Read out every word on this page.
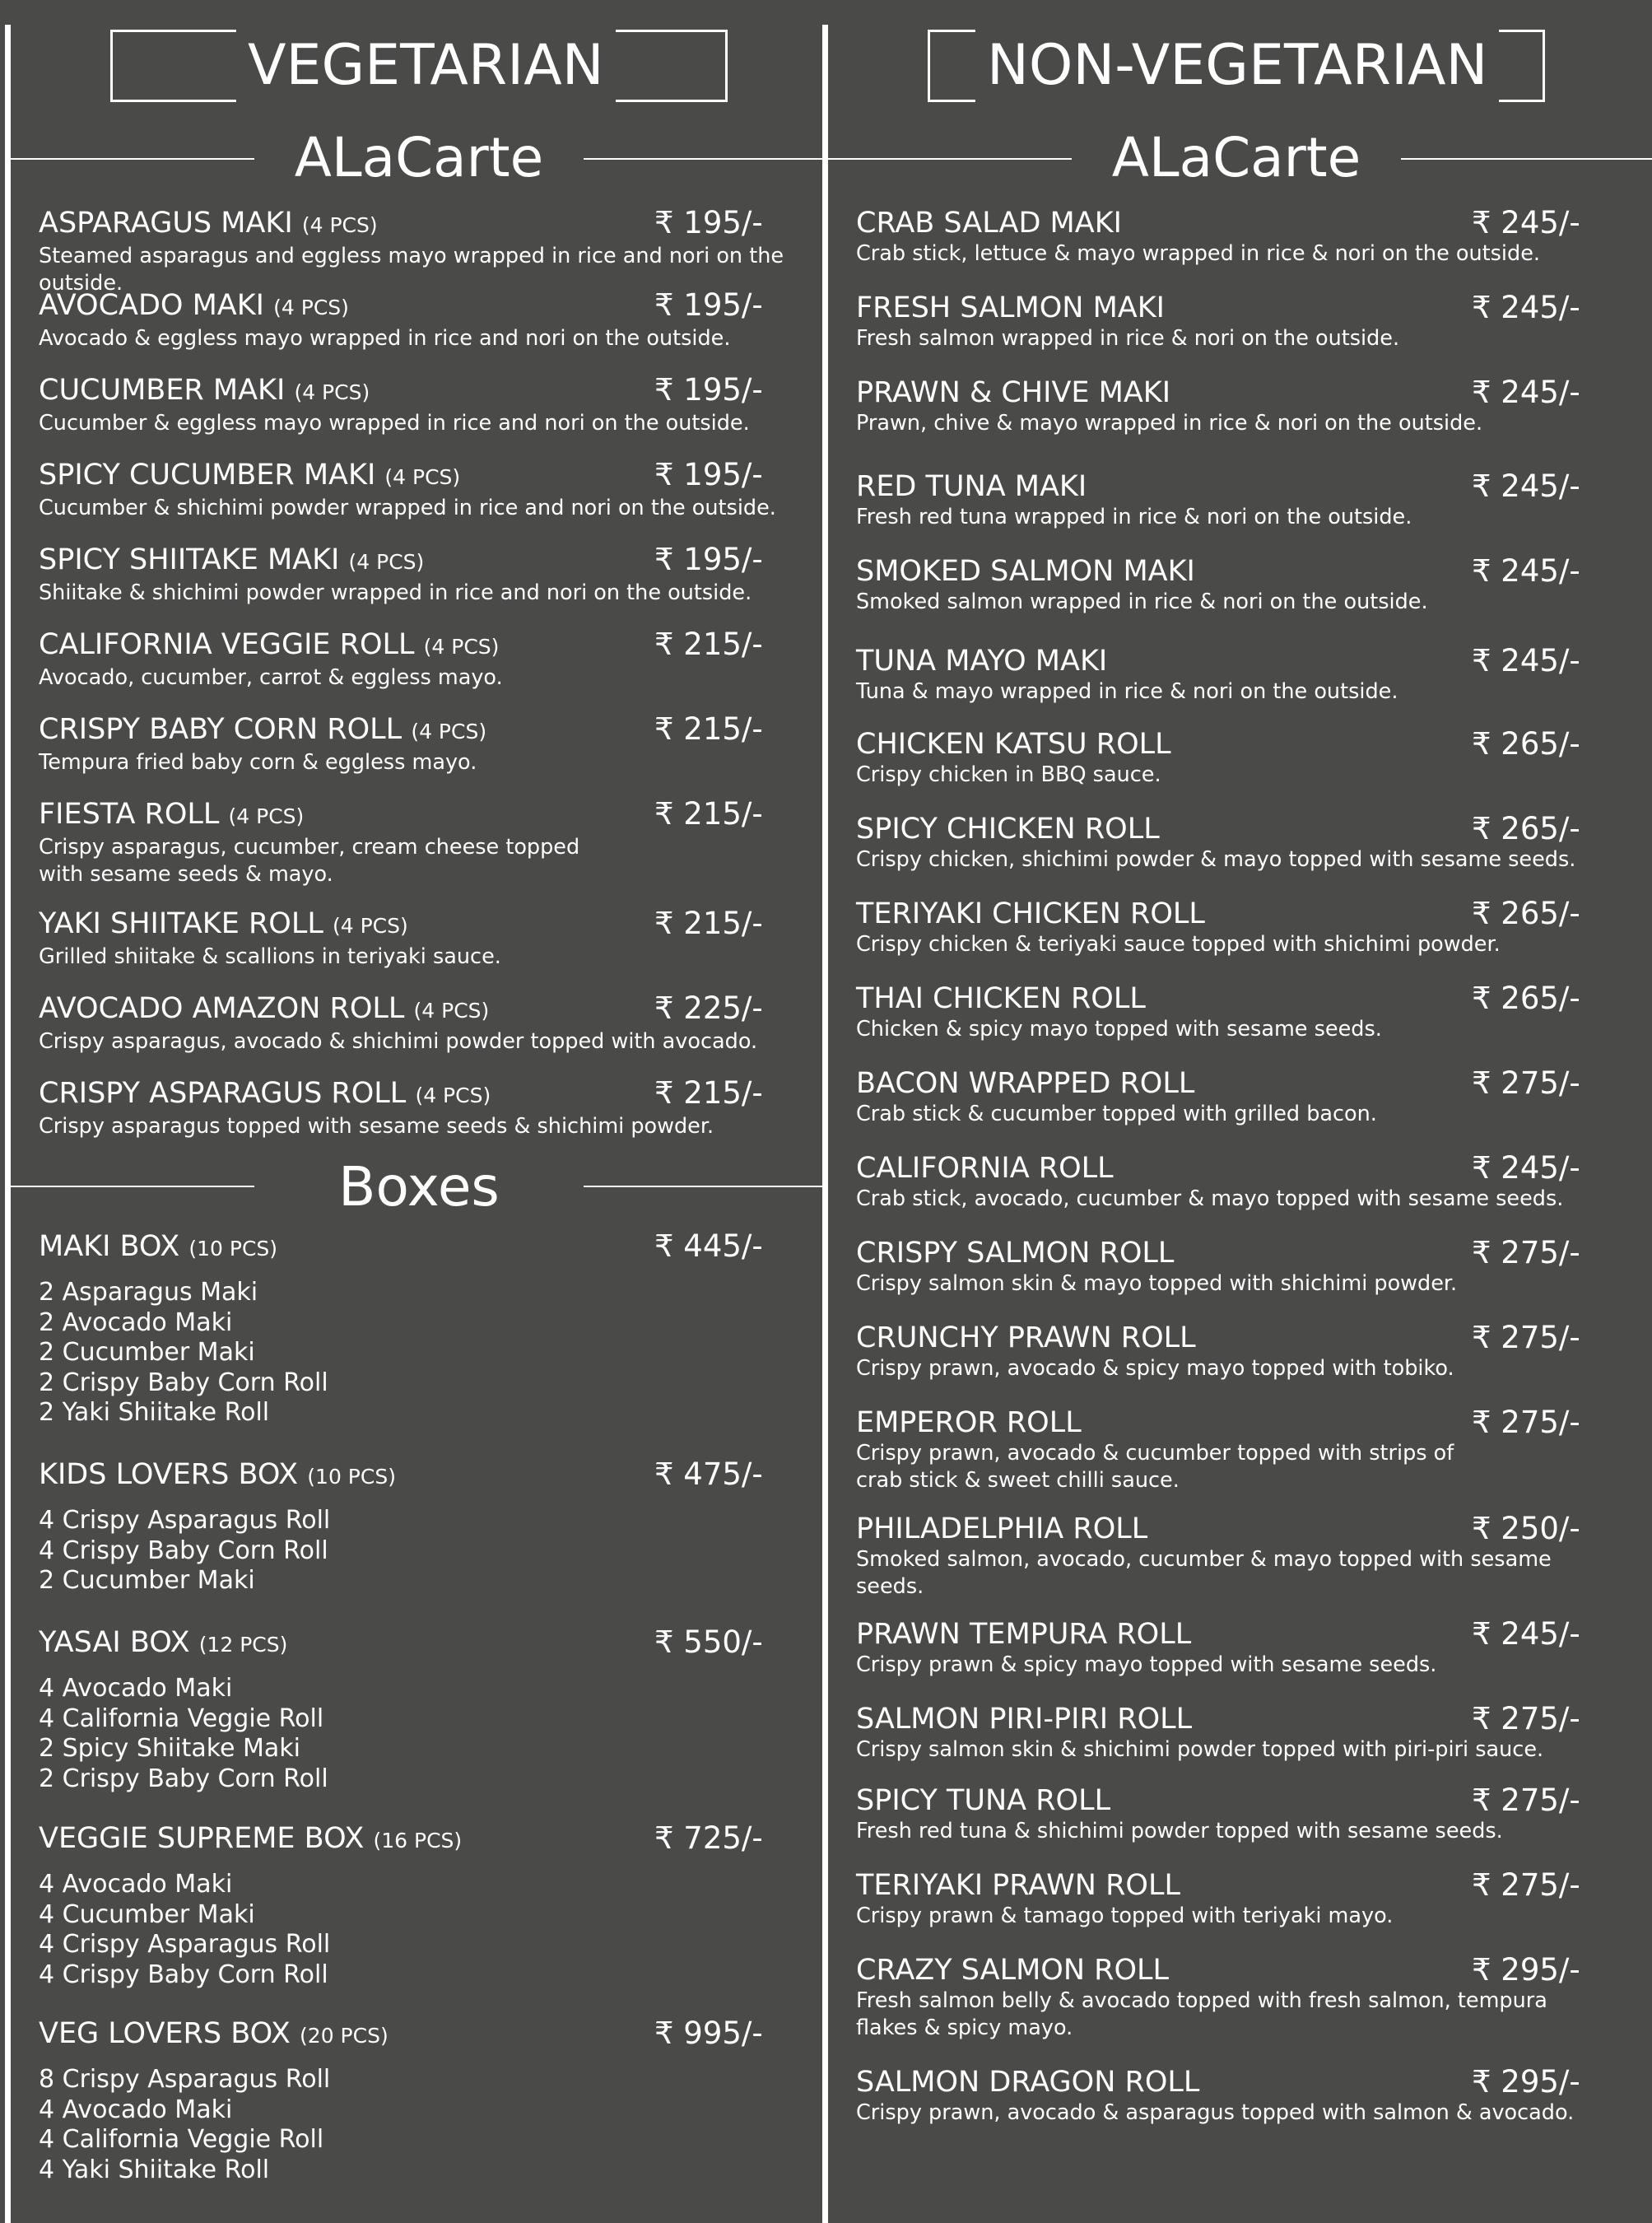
VEGETARIAN	NON-VEGETARIAN
ALaCarte	ALaCarte
Boxes
ASPARAGUS MAKI (4 PCS)	₹ 195/-
Steamed asparagus and eggless mayo wrapped in rice and nori on the outside.
AVOCADO MAKI (4 PCS)	₹ 195/-
Avocado & eggless mayo wrapped in rice and nori on the outside.
CUCUMBER MAKI (4 PCS)	₹ 195/-
Cucumber & eggless mayo wrapped in rice and nori on the outside.
SPICY CUCUMBER MAKI (4 PCS)	₹ 195/-
Cucumber & shichimi powder wrapped in rice and nori on the outside.
SPICY SHIITAKE MAKI (4 PCS)	₹ 195/-
Shiitake & shichimi powder wrapped in rice and nori on the outside.
CALIFORNIA VEGGIE ROLL (4 PCS)	₹ 215/-
Avocado, cucumber, carrot & eggless mayo.
CRISPY BABY CORN ROLL (4 PCS)	₹ 215/-
Tempura fried baby corn & eggless mayo.
FIESTA ROLL (4 PCS)	₹ 215/-
Crispy asparagus, cucumber, cream cheese topped with sesame seeds & mayo.
YAKI SHIITAKE ROLL (4 PCS)	₹ 215/-
Grilled shiitake & scallions in teriyaki sauce.
AVOCADO AMAZON ROLL (4 PCS)	₹ 225/-
Crispy asparagus, avocado & shichimi powder topped with avocado.
CRISPY ASPARAGUS ROLL (4 PCS)	₹ 215/-
Crispy asparagus topped with sesame seeds & shichimi powder.
MAKI BOX (10 PCS)	₹ 445/-
2 Asparagus Maki
2 Avocado Maki
2 Cucumber Maki
2 Crispy Baby Corn Roll
2 Yaki Shiitake Roll
KIDS LOVERS BOX (10 PCS)	₹ 475/-
4 Crispy Asparagus Roll
4 Crispy Baby Corn Roll
2 Cucumber Maki
YASAI BOX (12 PCS)	₹ 550/-
4 Avocado Maki
4 California Veggie Roll
2 Spicy Shiitake Maki
2 Crispy Baby Corn Roll
VEGGIE SUPREME BOX (16 PCS)	₹ 725/-
4 Avocado Maki
4 Cucumber Maki
4 Crispy Asparagus Roll
4 Crispy Baby Corn Roll
VEG LOVERS BOX (20 PCS)	₹ 995/-
8 Crispy Asparagus Roll
4 Avocado Maki
4 California Veggie Roll
4 Yaki Shiitake Roll
CRAB SALAD MAKI	₹ 245/-
Crab stick, lettuce & mayo wrapped in rice & nori on the outside.
FRESH SALMON MAKI	₹ 245/-
Fresh salmon wrapped in rice & nori on the outside.
PRAWN & CHIVE MAKI	₹ 245/-
Prawn, chive & mayo wrapped in rice & nori on the outside.
RED TUNA MAKI	₹ 245/-
Fresh red tuna wrapped in rice & nori on the outside.
SMOKED SALMON MAKI	₹ 245/-
Smoked salmon wrapped in rice & nori on the outside.
TUNA MAYO MAKI	₹ 245/-
Tuna & mayo wrapped in rice & nori on the outside.
CHICKEN KATSU ROLL	₹ 265/-
Crispy chicken in BBQ sauce.
SPICY CHICKEN ROLL	₹ 265/-
Crispy chicken, shichimi powder & mayo topped with sesame seeds.
TERIYAKI CHICKEN ROLL	₹ 265/-
Crispy chicken & teriyaki sauce topped with shichimi powder.
THAI CHICKEN ROLL	₹ 265/-
Chicken & spicy mayo topped with sesame seeds.
BACON WRAPPED ROLL	₹ 275/-
Crab stick & cucumber topped with grilled bacon.
CALIFORNIA ROLL	₹ 245/-
Crab stick, avocado, cucumber & mayo topped with sesame seeds.
CRISPY SALMON ROLL	₹ 275/-
Crispy salmon skin & mayo topped with shichimi powder.
CRUNCHY PRAWN ROLL	₹ 275/-
Crispy prawn, avocado & spicy mayo topped with tobiko.
EMPEROR ROLL	₹ 275/-
Crispy prawn, avocado & cucumber topped with strips of crab stick & sweet chilli sauce.
PHILADELPHIA ROLL	₹ 250/-
Smoked salmon, avocado, cucumber & mayo topped with sesame seeds.
PRAWN TEMPURA ROLL	₹ 245/-
Crispy prawn & spicy mayo topped with sesame seeds.
SALMON PIRI-PIRI ROLL	₹ 275/-
Crispy salmon skin & shichimi powder topped with piri-piri sauce.
SPICY TUNA ROLL	₹ 275/-
Fresh red tuna & shichimi powder topped with sesame seeds.
TERIYAKI PRAWN ROLL	₹ 275/-
Crispy prawn & tamago topped with teriyaki mayo.
CRAZY SALMON ROLL	₹ 295/-
Fresh salmon belly & avocado topped with fresh salmon, tempura flakes & spicy mayo.
SALMON DRAGON ROLL	₹ 295/-
Crispy prawn, avocado & asparagus topped with salmon & avocado.
